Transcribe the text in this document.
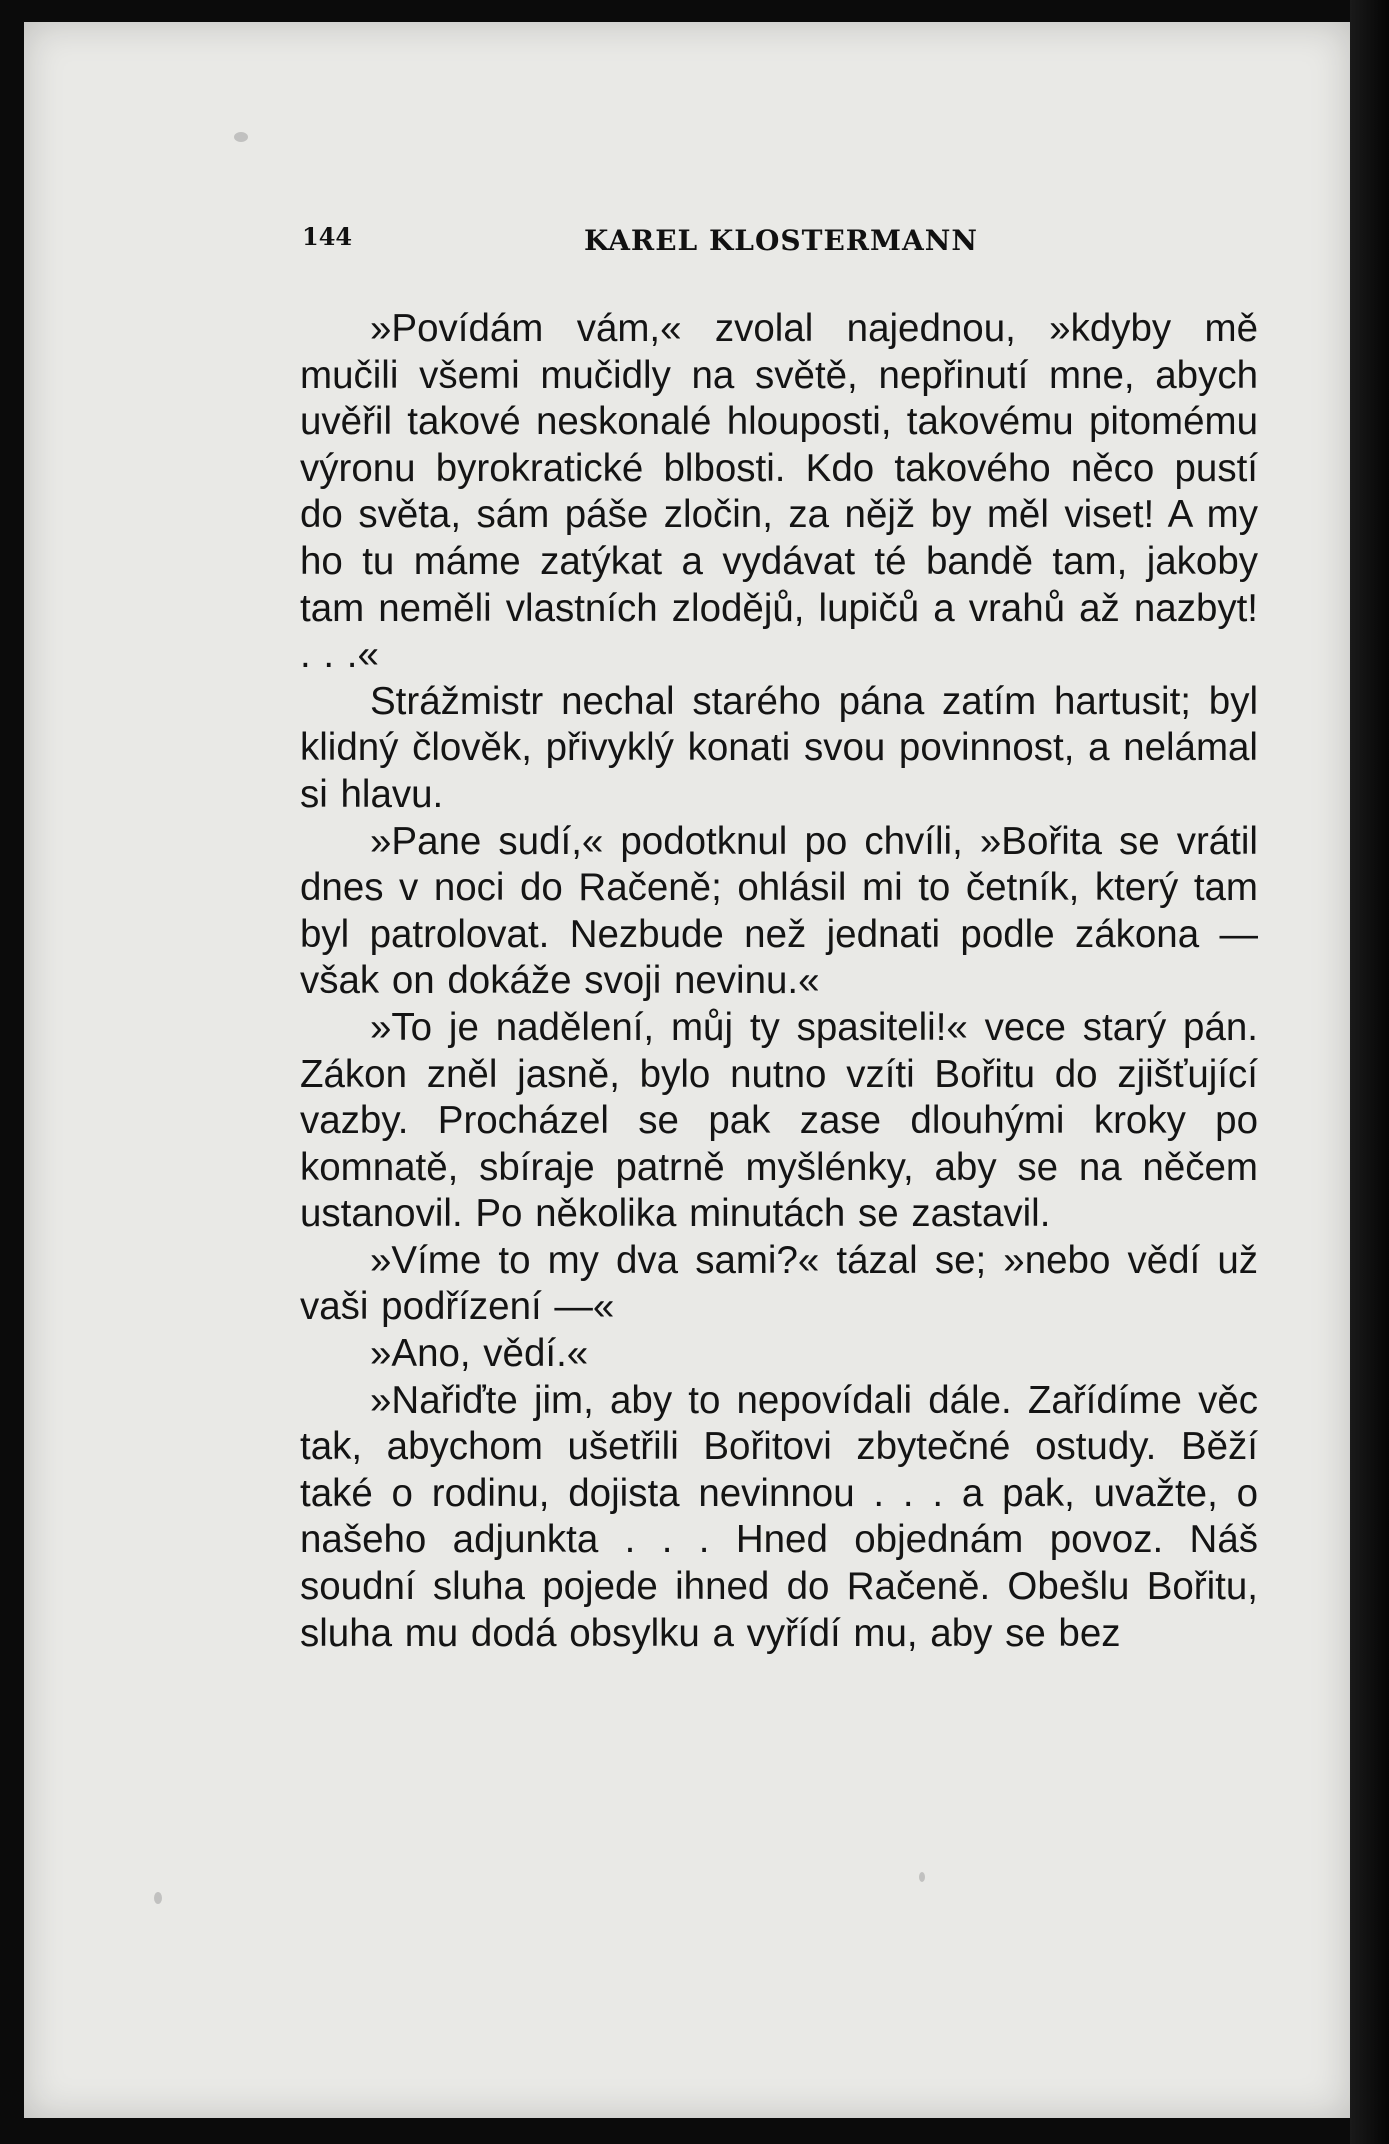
144	KAREL KLOSTERMANN

»Povídám vám,« zvolal najednou, »kdyby mě mučili všemi mučidly na světě, nepřinutí mne, abych uvěřil takové neskonalé hlouposti, takovému pitomému výronu byrokratické blbosti. Kdo takového něco pustí do světa, sám páše zločin, za nějž by měl viset! A my ho tu máme zatýkat a vydávat té bandě tam, jakoby tam neměli vlastních zlodějů, lupičů a vrahů až nazbyt! . . .«

Strážmistr nechal starého pána zatím hartusit; byl klidný člověk, přivyklý konati svou povinnost, a nelámal si hlavu.

»Pane sudí,« podotknul po chvíli, »Bořita se vrátil dnes v noci do Račeně; ohlásil mi to četník, který tam byl patrolovat. Nezbude než jednati podle zákona — však on dokáže svoji nevinu.«

»To je nadělení, můj ty spasiteli!« vece starý pán. Zákon zněl jasně, bylo nutno vzíti Bořitu do zjišťující vazby. Procházel se pak zase dlouhými kroky po komnatě, sbíraje patrně myšlénky, aby se na něčem ustanovil. Po několika minutách se zastavil.

»Víme to my dva sami?« tázal se; »nebo vědí už vaši podřízení —«

»Ano, vědí.«

»Nařiďte jim, aby to nepovídali dále. Zařídíme věc tak, abychom ušetřili Bořitovi zbytečné ostudy. Běží také o rodinu, dojista nevinnou . . . a pak, uvažte, o našeho adjunkta . . . Hned objednám povoz. Náš soudní sluha pojede ihned do Račeně. Obešlu Bořitu, sluha mu dodá obsylku a vyřídí mu, aby se bez
